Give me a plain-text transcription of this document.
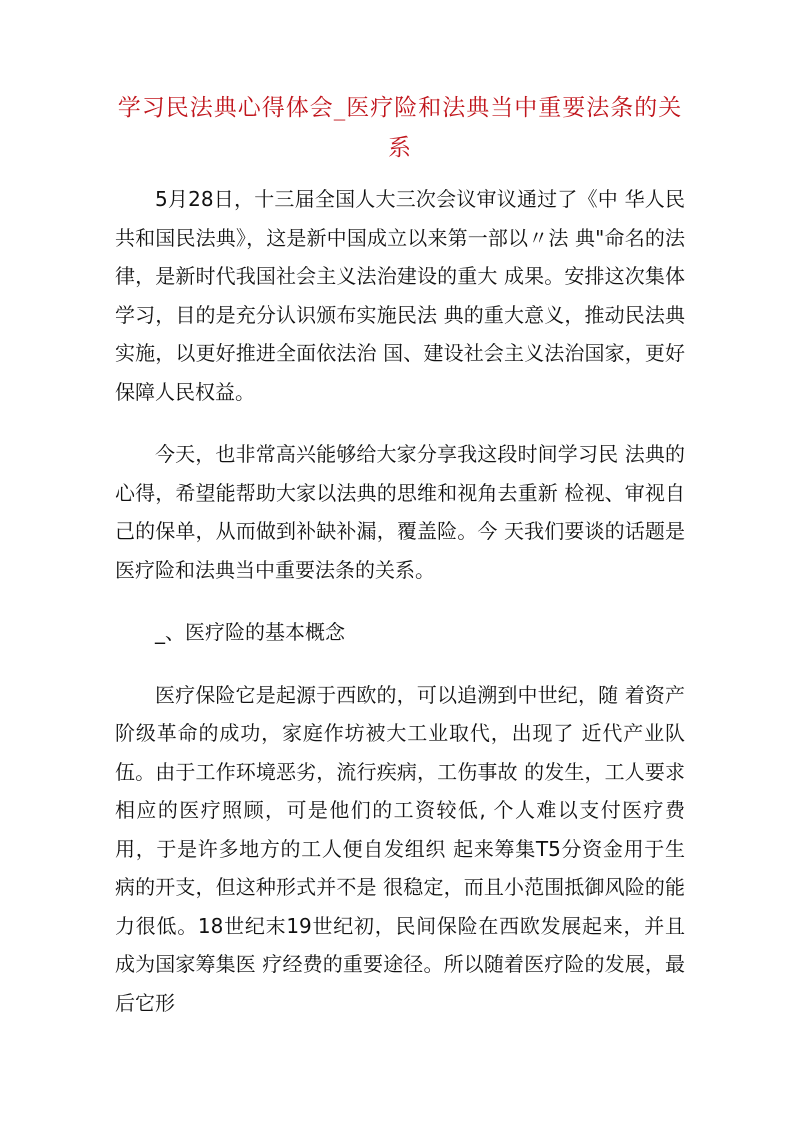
学习民法典心得体会_医疗险和法典当中重要法条的关系

5月28日，十三届全国人大三次会议审议通过了《中 华人民共和国民法典》，这是新中国成立以来第一部以〃法 典"命名的法律，是新时代我国社会主义法治建设的重大 成果。安排这次集体学习，目的是充分认识颁布实施民法 典的重大意义，推动民法典实施，以更好推进全面依法治 国、建设社会主义法治国家，更好保障人民权益。

今天，也非常高兴能够给大家分享我这段时间学习民 法典的心得，希望能帮助大家以法典的思维和视角去重新 检视、审视自己的保单，从而做到补缺补漏，覆盖险。今 天我们要谈的话题是医疗险和法典当中重要法条的关系。

_、医疗险的基本概念

医疗保险它是起源于西欧的，可以追溯到中世纪，随 着资产阶级革命的成功，家庭作坊被大工业取代，出现了 近代产业队伍。由于工作环境恶劣，流行疾病，工伤事故 的发生，工人要求相应的医疗照顾，可是他们的工资较低, 个人难以支付医疗费用，于是许多地方的工人便自发组织 起来筹集T5分资金用于生病的开支，但这种形式并不是 很稳定，而且小范围抵御风险的能力很低。18世纪末19世纪初，民间保险在西欧发展起来，并且成为国家筹集医 疗经费的重要途径。所以随着医疗险的发展，最后它形
